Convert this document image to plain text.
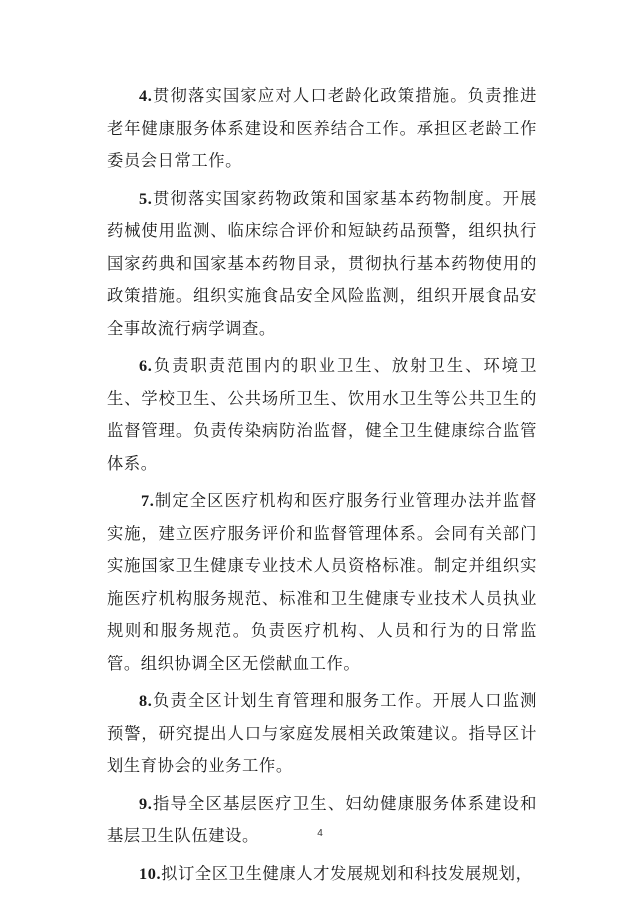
4.贯彻落实国家应对人口老龄化政策措施。负责推进老年健康服务体系建设和医养结合工作。承担区老龄工作委员会日常工作。

5.贯彻落实国家药物政策和国家基本药物制度。开展药械使用监测、临床综合评价和短缺药品预警，组织执行国家药典和国家基本药物目录，贯彻执行基本药物使用的政策措施。组织实施食品安全风险监测，组织开展食品安全事故流行病学调查。

6.负责职责范围内的职业卫生、放射卫生、环境卫生、学校卫生、公共场所卫生、饮用水卫生等公共卫生的监督管理。负责传染病防治监督，健全卫生健康综合监管体系。

7.制定全区医疗机构和医疗服务行业管理办法并监督实施，建立医疗服务评价和监督管理体系。会同有关部门实施国家卫生健康专业技术人员资格标准。制定并组织实施医疗机构服务规范、标准和卫生健康专业技术人员执业规则和服务规范。负责医疗机构、人员和行为的日常监管。组织协调全区无偿献血工作。

8.负责全区计划生育管理和服务工作。开展人口监测预警，研究提出人口与家庭发展相关政策建议。指导区计划生育协会的业务工作。

9.指导全区基层医疗卫生、妇幼健康服务体系建设和基层卫生队伍建设。

10.拟订全区卫生健康人才发展规划和科技发展规划，

4
